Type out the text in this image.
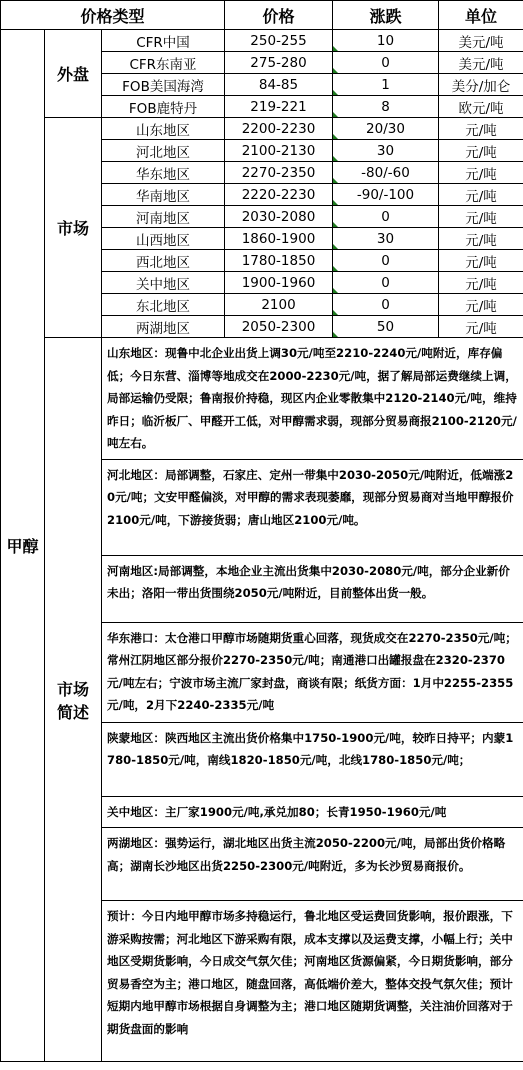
价格类型			价格	涨跌	单位
甲醇	外盘	CFR中国	250-255	10	美元/吨
		CFR东南亚	275-280	0	美元/吨
		FOB美国海湾	84-85	1	美分/加仑
		FOB鹿特丹	219-221	8	欧元/吨
	市场	山东地区	2200-2230	20/30	元/吨
		河北地区	2100-2130	30	元/吨
		华东地区	2270-2350	-80/-60	元/吨
		华南地区	2220-2230	-90/-100	元/吨
		河南地区	2030-2080	0	元/吨
		山西地区	1860-1900	30	元/吨
		西北地区	1780-1850	0	元/吨
		关中地区	1900-1960	0	元/吨
		东北地区	2100	0	元/吨
		两湖地区	2050-2300	50	元/吨
	市场
简述	山东地区：现鲁中北企业出货上调30元/吨至2210-2240元/吨附近，库存偏低；今日东营、淄博等地成交在2000-2230元/吨，据了解局部运费继续上调，局部运输仍受限；鲁南报价持稳，现区内企业零散集中2120-2140元/吨，维持昨日；临沂板厂、甲醛开工低，对甲醇需求弱，现部分贸易商报2100-2120元/吨左右。			
		河北地区：局部调整，石家庄、定州一带集中2030-2050元/吨附近，低端涨20元/吨；文安甲醛偏淡，对甲醇的需求表现萎靡，现部分贸易商对当地甲醇报价2100元/吨，下游接货弱；唐山地区2100元/吨。			
		河南地区:局部调整，本地企业主流出货集中2030-2080元/吨，部分企业新价未出；洛阳一带出货围绕2050元/吨附近，目前整体出货一般。			
		华东港口：太仓港口甲醇市场随期货重心回落，现货成交在2270-2350元/吨；常州江阴地区部分报价2270-2350元/吨；南通港口出罐报盘在2320-2370元/吨左右；宁波市场主流厂家封盘，商谈有限；纸货方面：1月中2255-2355元/吨，2月下2240-2335元/吨			
		陕蒙地区：陕西地区主流出货价格集中1750-1900元/吨，较昨日持平；内蒙1780-1850元/吨，南线1820-1850元/吨，北线1780-1850元/吨；			
		关中地区：主厂家1900元/吨,承兑加80；长青1950-1960元/吨			
		两湖地区：强势运行，湖北地区出货主流2050-2200元/吨，局部出货价格略高；湖南长沙地区出货2250-2300元/吨附近，多为长沙贸易商报价。			
		预计：今日内地甲醇市场多持稳运行，鲁北地区受运费回货影响，报价跟涨，下游采购按需；河北地区下游采购有限，成本支撑以及运费支撑，小幅上行；关中地区受期货影响，今日成交气氛欠佳；河南地区货源偏紧，今日期货影响，部分贸易香空为主；港口地区，随盘回落，高低端价差大，整体交投气氛欠佳；预计短期内地甲醇市场根据自身调整为主；港口地区随期货调整，关注油价回落对于期货盘面的影响			
